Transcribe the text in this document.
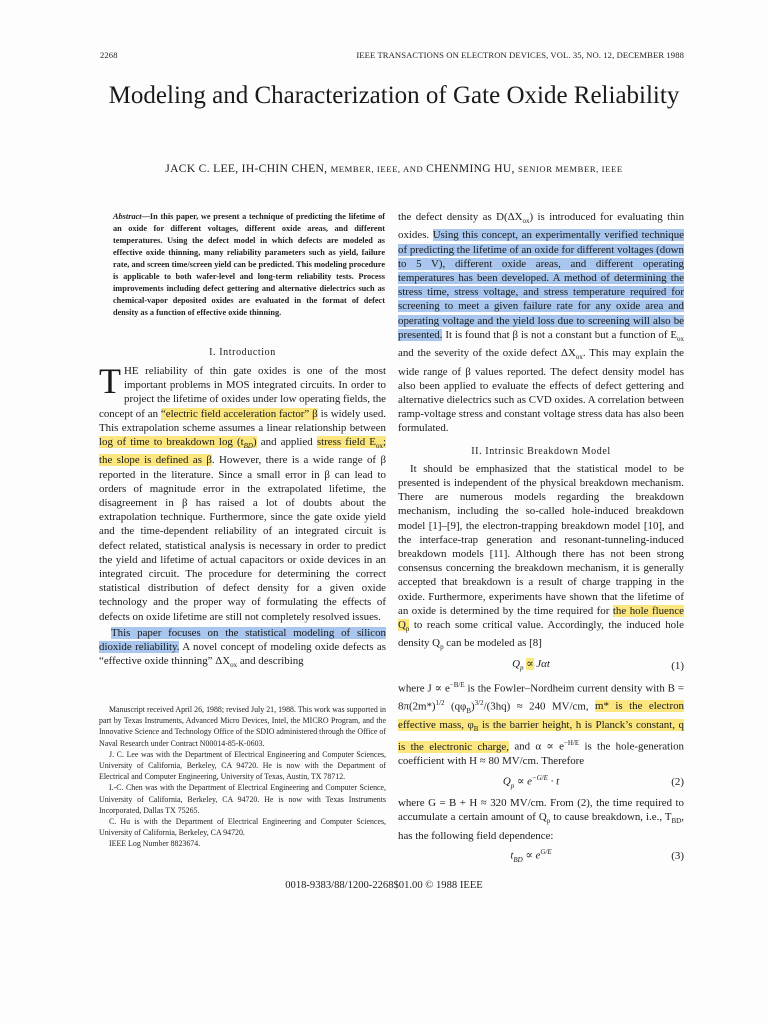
2268	IEEE TRANSACTIONS ON ELECTRON DEVICES, VOL. 35, NO. 12, DECEMBER 1988
Modeling and Characterization of Gate Oxide Reliability
JACK C. LEE, IH-CHIN CHEN, MEMBER, IEEE, AND CHENMING HU, SENIOR MEMBER, IEEE
Abstract—In this paper, we present a technique of predicting the lifetime of an oxide for different voltages, different oxide areas, and different temperatures. Using the defect model in which defects are modeled as effective oxide thinning, many reliability parameters such as yield, failure rate, and screen time/screen yield can be predicted. This modeling procedure is applicable to both wafer-level and long-term reliability tests. Process improvements including defect gettering and alternative dielectrics such as chemical-vapor deposited oxides are evaluated in the format of defect density as a function of effective oxide thinning.
I. Introduction

THE reliability of thin gate oxides is one of the most important problems in MOS integrated circuits. In order to project the lifetime of oxides under low operating fields, the concept of an “electric field acceleration factor” β is widely used. This extrapolation scheme assumes a linear relationship between log of time to breakdown $\log (t_{BD})$ and applied stress field $E_{ox}$; the slope is defined as β. However, there is a wide range of β reported in the literature. Since a small error in β can lead to orders of magnitude error in the extrapolated lifetime, the disagreement in β has raised a lot of doubts about the extrapolation technique. Furthermore, since the gate oxide yield and the time-dependent reliability of an integrated circuit is defect related, statistical analysis is necessary in order to predict the yield and lifetime of actual capacitors or oxide devices in an integrated circuit. The procedure for determining the correct statistical distribution of defect density for a given oxide technology and the proper way of formulating the effects of defects on oxide lifetime are still not completely resolved issues.

This paper focuses on the statistical modeling of silicon dioxide reliability. A novel concept of modeling oxide defects as “effective oxide thinning” $\Delta X_{ox}$ and describing

Manuscript received April 26, 1988; revised July 21, 1988. This work was supported in part by Texas Instruments, Advanced Micro Devices, Intel, the MICRO Program, and the Innovative Science and Technology Office of the SDIO administered through the Office of Naval Research under Contract N00014-85-K-0603.

J. C. Lee was with the Department of Electrical Engineering and Computer Sciences, University of California, Berkeley, CA 94720. He is now with the Department of Electrical and Computer Engineering, University of Texas, Austin, TX 78712.

I.-C. Chen was with the Department of Electrical Engineering and Computer Science, University of California, Berkeley, CA 94720. He is now with Texas Instruments Incorporated, Dallas TX 75265.

C. Hu is with the Department of Electrical Engineering and Computer Sciences, University of California, Berkeley, CA 94720.

IEEE Log Number 8823674.

the defect density as $D(\Delta X_{ox})$ is introduced for evaluating thin oxides. Using this concept, an experimentally verified technique of predicting the lifetime of an oxide for different voltages (down to 5 V), different oxide areas, and different operating temperatures has been developed. A method of determining the stress time, stress voltage, and stress temperature required for screening to meet a given failure rate for any oxide area and operating voltage and the yield loss due to screening will also be presented. It is found that β is not a constant but a function of $E_{ox}$ and the severity of the oxide defect $\Delta X_{ox}$. This may explain the wide range of β values reported. The defect density model has also been applied to evaluate the effects of defect gettering and alternative dielectrics such as CVD oxides. A correlation between ramp-voltage stress and constant voltage stress data has also been formulated.

II. Intrinsic Breakdown Model

It should be emphasized that the statistical model to be presented is independent of the physical breakdown mechanism. There are numerous models regarding the breakdown mechanism, including the so-called hole-induced breakdown model [1]–[9], the electron-trapping breakdown model [10], and the interface-trap generation and resonant-tunneling-induced breakdown models [11]. Although there has not been strong consensus concerning the breakdown mechanism, it is generally accepted that breakdown is a result of charge trapping in the oxide. Furthermore, experiments have shown that the lifetime of an oxide is determined by the time required for the hole fluence $Q_p$ to reach some critical value. Accordingly, the induced hole density $Q_p$ can be modeled as [8]

$Q_p \propto J\alpha t$	(1)

where $J \propto e^{-B/E}$ is the Fowler–Nordheim current density with $B = 8\pi(2m*)^{1/2}$ $(q\varphi_B)^{3/2}/(3hq) \approx 240$ MV/cm, m* is the electron effective mass, $\varphi_B$ is the barrier height, h is Planck’s constant, q is the electronic charge, and $\alpha \propto e^{-H/E}$ is the hole-generation coefficient with H ≈ 80 MV/cm. Therefore

$Q_p \propto e^{-G/E} \cdot t$	(2)

where G = B + H ≈ 320 MV/cm. From (2), the time required to accumulate a certain amount of $Q_p$ to cause breakdown, i.e., $T_{BD}$, has the following field dependence:

$t_{BD} \propto e^{G/E}$	(3)
0018-9383/88/1200-2268$01.00 © 1988 IEEE
